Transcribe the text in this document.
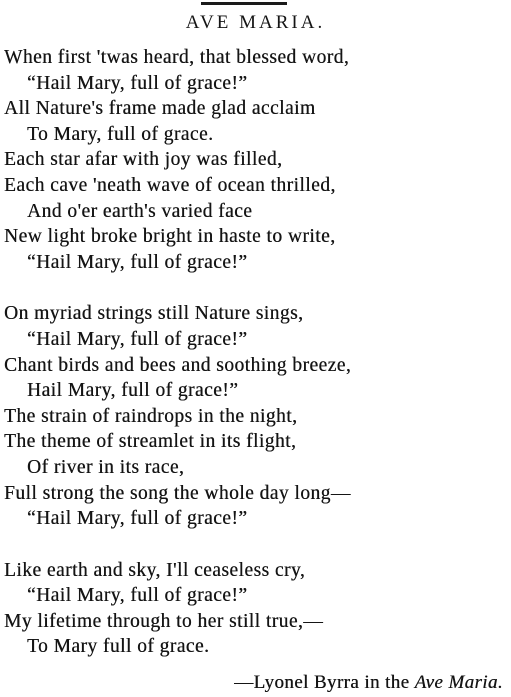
AVE MARIA.
When first 'twas heard, that blessed word,
“Hail Mary, full of grace!”
All Nature's frame made glad acclaim
To Mary, full of grace.
Each star afar with joy was filled,
Each cave 'neath wave of ocean thrilled,
And o'er earth's varied face
New light broke bright in haste to write,
“Hail Mary, full of grace!”
On myriad strings still Nature sings,
“Hail Mary, full of grace!”
Chant birds and bees and soothing breeze,
Hail Mary, full of grace!”
The strain of raindrops in the night,
The theme of streamlet in its flight,
Of river in its race,
Full strong the song the whole day long—
“Hail Mary, full of grace!”
Like earth and sky, I'll ceaseless cry,
“Hail Mary, full of grace!”
My lifetime through to her still true,—
To Mary full of grace.
—Lyonel Byrra in the Ave Maria.
